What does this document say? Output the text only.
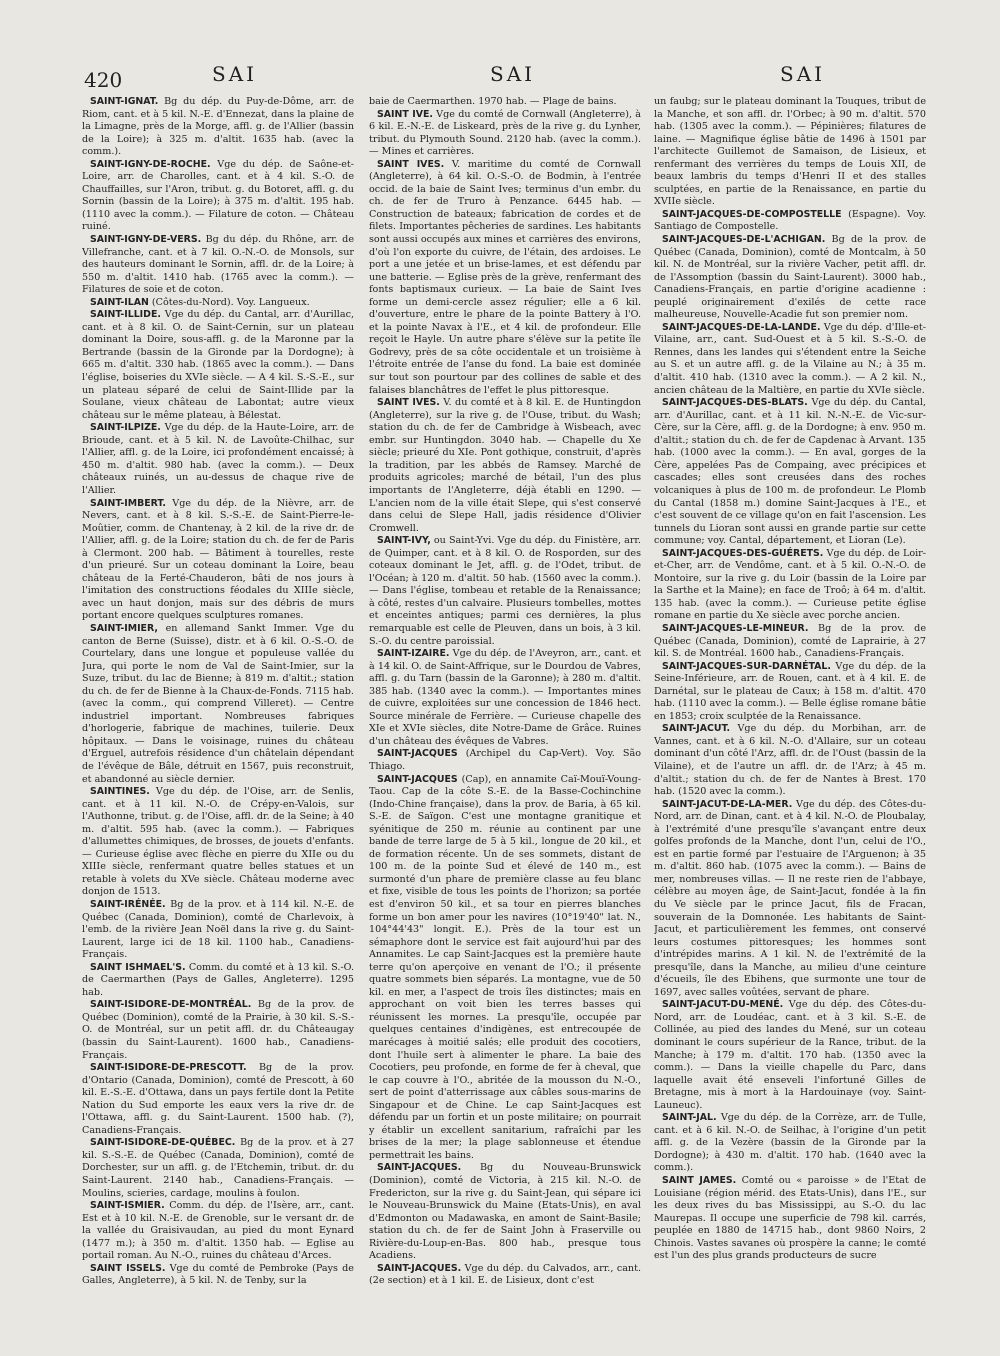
420	SAI	SAI	SAI

SAINT-IGNAT. Bg du dép. du Puy-de-Dôme, arr. de Riom, cant. et à 5 kil. N.-E. d'Ennezat, dans la plaine de la Limagne, près de la Morge, affl. g. de l'Allier (bassin de la Loire); à 325 m. d'altit. 1635 hab. (avec la comm.).

SAINT-IGNY-DE-ROCHE. Vge du dép. de Saône-et-Loire, arr. de Charolles, cant. et à 4 kil. S.-O. de Chauffailles, sur l'Aron, tribut. g. du Botoret, affl. g. du Sornin (bassin de la Loire); à 375 m. d'altit. 195 hab. (1110 avec la comm.). — Filature de coton. — Château ruiné.

SAINT-IGNY-DE-VERS. Bg du dép. du Rhône, arr. de Villefranche, cant. et à 7 kil. O.-N.-O. de Monsols, sur des hauteurs dominant le Sornin, affl. dr. de la Loire; à 550 m. d'altit. 1410 hab. (1765 avec la comm.). — Filatures de soie et de coton.

SAINT-ILAN (Côtes-du-Nord). Voy. Langueux.

SAINT-ILLIDE. Vge du dép. du Cantal, arr. d'Aurillac, cant. et à 8 kil. O. de Saint-Cernin, sur un plateau dominant la Doire, sous-affl. g. de la Maronne par la Bertrande (bassin de la Gironde par la Dordogne); à 665 m. d'altit. 330 hab. (1865 avec la comm.). — Dans l'église, boiseries du XVIe siècle. — A 4 kil. S.-S.-E., sur un plateau séparé de celui de Saint-Illide par la Soulane, vieux château de Labontat; autre vieux château sur le même plateau, à Bélestat.

SAINT-ILPIZE. Vge du dép. de la Haute-Loire, arr. de Brioude, cant. et à 5 kil. N. de Lavoûte-Chilhac, sur l'Allier, affl. g. de la Loire, ici profondément encaissé; à 450 m. d'altit. 980 hab. (avec la comm.). — Deux châteaux ruinés, un au-dessus de chaque rive de l'Allier.

SAINT-IMBERT. Vge du dép. de la Nièvre, arr. de Nevers, cant. et à 8 kil. S.-S.-E. de Saint-Pierre-le-Moûtier, comm. de Chantenay, à 2 kil. de la rive dr. de l'Allier, affl. g. de la Loire; station du ch. de fer de Paris à Clermont. 200 hab. — Bâtiment à tourelles, reste d'un prieuré. Sur un coteau dominant la Loire, beau château de la Ferté-Chauderon, bâti de nos jours à l'imitation des constructions féodales du XIIIe siècle, avec un haut donjon, mais sur des débris de murs portant encore quelques sculptures romanes.

SAINT-IMIER, en allemand Sankt Immer. Vge du canton de Berne (Suisse), distr. et à 6 kil. O.-S.-O. de Courtelary, dans une longue et populeuse vallée du Jura, qui porte le nom de Val de Saint-Imier, sur la Suze, tribut. du lac de Bienne; à 819 m. d'altit.; station du ch. de fer de Bienne à la Chaux-de-Fonds. 7115 hab. (avec la comm., qui comprend Villeret). — Centre industriel important. Nombreuses fabriques d'horlogerie, fabrique de machines, tuilerie. Deux hôpitaux. — Dans le voisinage, ruines du château d'Erguel, autrefois résidence d'un châtelain dépendant de l'évêque de Bâle, détruit en 1567, puis reconstruit, et abandonné au siècle dernier.

SAINTINES. Vge du dép. de l'Oise, arr. de Senlis, cant. et à 11 kil. N.-O. de Crépy-en-Valois, sur l'Authonne, tribut. g. de l'Oise, affl. dr. de la Seine; à 40 m. d'altit. 595 hab. (avec la comm.). — Fabriques d'allumettes chimiques, de brosses, de jouets d'enfants. — Curieuse église avec flèche en pierre du XIIe ou du XIIIe siècle, renfermant quatre belles statues et un retable à volets du XVe siècle. Château moderne avec donjon de 1513.

SAINT-IRÉNÉE. Bg de la prov. et à 114 kil. N.-E. de Québec (Canada, Dominion), comté de Charlevoix, à l'emb. de la rivière Jean Noël dans la rive g. du Saint-Laurent, large ici de 18 kil. 1100 hab., Canadiens-Français.

SAINT ISHMAEL'S. Comm. du comté et à 13 kil. S.-O. de Caermarthen (Pays de Galles, Angleterre). 1295 hab.

SAINT-ISIDORE-DE-MONTRÉAL. Bg de la prov. de Québec (Dominion), comté de la Prairie, à 30 kil. S.-S.-O. de Montréal, sur un petit affl. dr. du Châteaugay (bassin du Saint-Laurent). 1600 hab., Canadiens-Français.

SAINT-ISIDORE-DE-PRESCOTT. Bg de la prov. d'Ontario (Canada, Dominion), comté de Prescott, à 60 kil. E.-S.-E. d'Ottawa, dans un pays fertile dont la Petite Nation du Sud emporte les eaux vers la rive dr. de l'Ottawa, affl. g. du Saint-Laurent. 1500 hab. (?), Canadiens-Français.

SAINT-ISIDORE-DE-QUÉBEC. Bg de la prov. et à 27 kil. S.-S.-E. de Québec (Canada, Dominion), comté de Dorchester, sur un affl. g. de l'Etchemin, tribut. dr. du Saint-Laurent. 2140 hab., Canadiens-Français. — Moulins, scieries, cardage, moulins à foulon.

SAINT-ISMIER. Comm. du dép. de l'Isère, arr., cant. Est et à 10 kil. N.-E. de Grenoble, sur le versant dr. de la vallée du Graisivaudan, au pied du mont Eynard (1477 m.); à 350 m. d'altit. 1350 hab. — Eglise au portail roman. Au N.-O., ruines du château d'Arces.

SAINT ISSELS. Vge du comté de Pembroke (Pays de Galles, Angleterre), à 5 kil. N. de Tenby, sur la

baie de Caermarthen. 1970 hab. — Plage de bains.

SAINT IVE. Vge du comté de Cornwall (Angleterre), à 6 kil. E.-N.-E. de Liskeard, près de la rive g. du Lynher, tribut. du Plymouth Sound. 2120 hab. (avec la comm.). — Mines et carrières.

SAINT IVES. V. maritime du comté de Cornwall (Angleterre), à 64 kil. O.-S.-O. de Bodmin, à l'entrée occid. de la baie de Saint Ives; terminus d'un embr. du ch. de fer de Truro à Penzance. 6445 hab. — Construction de bateaux; fabrication de cordes et de filets. Importantes pêcheries de sardines. Les habitants sont aussi occupés aux mines et carrières des environs, d'où l'on exporte du cuivre, de l'étain, des ardoises. Le port a une jetée et un brise-lames, et est défendu par une batterie. — Eglise près de la grève, renfermant des fonts baptismaux curieux. — La baie de Saint Ives forme un demi-cercle assez régulier; elle a 6 kil. d'ouverture, entre le phare de la pointe Battery à l'O. et la pointe Navax à l'E., et 4 kil. de profondeur. Elle reçoit le Hayle. Un autre phare s'élève sur la petite île Godrevy, près de sa côte occidentale et un troisième à l'étroite entrée de l'anse du fond. La baie est dominée sur tout son pourtour par des collines de sable et des falaises blanchâtres de l'effet le plus pittoresque.

SAINT IVES. V. du comté et à 8 kil. E. de Huntingdon (Angleterre), sur la rive g. de l'Ouse, tribut. du Wash; station du ch. de fer de Cambridge à Wisbeach, avec embr. sur Huntingdon. 3040 hab. — Chapelle du Xe siècle; prieuré du XIe. Pont gothique, construit, d'après la tradition, par les abbés de Ramsey. Marché de produits agricoles; marché de bétail, l'un des plus importants de l'Angleterre, déjà établi en 1290. — L'ancien nom de la ville était Slepe, qui s'est conservé dans celui de Slepe Hall, jadis résidence d'Olivier Cromwell.

SAINT-IVY, ou Saint-Yvi. Vge du dép. du Finistère, arr. de Quimper, cant. et à 8 kil. O. de Rosporden, sur des coteaux dominant le Jet, affl. g. de l'Odet, tribut. de l'Océan; à 120 m. d'altit. 50 hab. (1560 avec la comm.). — Dans l'église, tombeau et retable de la Renaissance; à côté, restes d'un calvaire. Plusieurs tombelles, mottes et enceintes antiques; parmi ces dernières, la plus remarquable est celle de Pleuven, dans un bois, à 3 kil. S.-O. du centre paroissial.

SAINT-IZAIRE. Vge du dép. de l'Aveyron, arr., cant. et à 14 kil. O. de Saint-Affrique, sur le Dourdou de Vabres, affl. g. du Tarn (bassin de la Garonne); à 280 m. d'altit. 385 hab. (1340 avec la comm.). — Importantes mines de cuivre, exploitées sur une concession de 1846 hect. Source minérale de Ferrière. — Curieuse chapelle des XIe et XVIe siècles, dite Notre-Dame de Grâce. Ruines d'un château des évêques de Vabres.

SAINT-JACQUES (Archipel du Cap-Vert). Voy. São Thiago.

SAINT-JACQUES (Cap), en annamite Caï-Mouï-Voung-Taou. Cap de la côte S.-E. de la Basse-Cochinchine (Indo-Chine française), dans la prov. de Baria, à 65 kil. S.-E. de Saïgon. C'est une montagne granitique et syénitique de 250 m. réunie au continent par une bande de terre large de 5 à 5 kil., longue de 20 kil., et de formation récente. Un de ses sommets, distant de 100 m. de la pointe Sud et élevé de 140 m., est surmonté d'un phare de première classe au feu blanc et fixe, visible de tous les points de l'horizon; sa portée est d'environ 50 kil., et sa tour en pierres blanches forme un bon amer pour les navires (10°19'40" lat. N., 104°44'43" longit. E.). Près de la tour est un sémaphore dont le service est fait aujourd'hui par des Annamites. Le cap Saint-Jacques est la première haute terre qu'on aperçoive en venant de l'O.; il présente quatre sommets bien séparés. La montagne, vue de 50 kil. en mer, a l'aspect de trois îles distinctes; mais en approchant on voit bien les terres basses qui réunissent les mornes. La presqu'île, occupée par quelques centaines d'indigènes, est entrecoupée de marécages à moitié salés; elle produit des cocotiers, dont l'huile sert à alimenter le phare. La baie des Cocotiers, peu profonde, en forme de fer à cheval, que le cap couvre à l'O., abritée de la mousson du N.-O., sert de point d'atterrissage aux câbles sous-marins de Singapour et de Chine. Le cap Saint-Jacques est défendu par un fortin et un poste militaire; on pourrait y établir un excellent sanitarium, rafraîchi par les brises de la mer; la plage sablonneuse et étendue permettrait les bains.

SAINT-JACQUES. Bg du Nouveau-Brunswick (Dominion), comté de Victoria, à 215 kil. N.-O. de Fredericton, sur la rive g. du Saint-Jean, qui sépare ici le Nouveau-Brunswick du Maine (Etats-Unis), en aval d'Edmonton ou Madawaska, en amont de Saint-Basile; station du ch. de fer de Saint John à Fraserville ou Rivière-du-Loup-en-Bas. 800 hab., presque tous Acadiens.

SAINT-JACQUES. Vge du dép. du Calvados, arr., cant. (2e section) et à 1 kil. E. de Lisieux, dont c'est

un faubg; sur le plateau dominant la Touques, tribut de la Manche, et son affl. dr. l'Orbec; à 90 m. d'altit. 570 hab. (1305 avec la comm.). — Pépinières; filatures de laine. — Magnifique église bâtie de 1496 à 1501 par l'architecte Guillemot de Samaison, de Lisieux, et renfermant des verrières du temps de Louis XII, de beaux lambris du temps d'Henri II et des stalles sculptées, en partie de la Renaissance, en partie du XVIIe siècle.

SAINT-JACQUES-DE-COMPOSTELLE (Espagne). Voy. Santiago de Compostelle.

SAINT-JACQUES-DE-L'ACHIGAN. Bg de la prov. de Québec (Canada, Dominion), comté de Montcalm, à 50 kil. N. de Montréal, sur la rivière Vacher, petit affl. dr. de l'Assomption (bassin du Saint-Laurent). 3000 hab., Canadiens-Français, en partie d'origine acadienne : peuplé originairement d'exilés de cette race malheureuse, Nouvelle-Acadie fut son premier nom.

SAINT-JACQUES-DE-LA-LANDE. Vge du dép. d'Ille-et-Vilaine, arr., cant. Sud-Ouest et à 5 kil. S.-S.-O. de Rennes, dans les landes qui s'étendent entre la Seiche au S. et un autre affl. g. de la Vilaine au N.; à 35 m. d'altit. 410 hab. (1310 avec la comm.). — A 2 kil. N., ancien château de la Maltière, en partie du XVIe siècle.

SAINT-JACQUES-DES-BLATS. Vge du dép. du Cantal, arr. d'Aurillac, cant. et à 11 kil. N.-N.-E. de Vic-sur-Cère, sur la Cère, affl. g. de la Dordogne; à env. 950 m. d'altit.; station du ch. de fer de Capdenac à Arvant. 135 hab. (1000 avec la comm.). — En aval, gorges de la Cère, appelées Pas de Compaing, avec précipices et cascades; elles sont creusées dans des roches volcaniques à plus de 100 m. de profondeur. Le Plomb du Cantal (1858 m.) domine Saint-Jacques à l'E., et c'est souvent de ce village qu'on en fait l'ascension. Les tunnels du Lioran sont aussi en grande partie sur cette commune; voy. Cantal, département, et Lioran (Le).

SAINT-JACQUES-DES-GUÉRETS. Vge du dép. de Loir-et-Cher, arr. de Vendôme, cant. et à 5 kil. O.-N.-O. de Montoire, sur la rive g. du Loir (bassin de la Loire par la Sarthe et la Maine); en face de Troô; à 64 m. d'altit. 135 hab. (avec la comm.). — Curieuse petite église romane en partie du Xe siècle avec porche ancien.

SAINT-JACQUES-LE-MINEUR. Bg de la prov. de Québec (Canada, Dominion), comté de Laprairie, à 27 kil. S. de Montréal. 1600 hab., Canadiens-Français.

SAINT-JACQUES-SUR-DARNÉTAL. Vge du dép. de la Seine-Inférieure, arr. de Rouen, cant. et à 4 kil. E. de Darnétal, sur le plateau de Caux; à 158 m. d'altit. 470 hab. (1110 avec la comm.). — Belle église romane bâtie en 1853; croix sculptée de la Renaissance.

SAINT-JACUT. Vge du dép. du Morbihan, arr. de Vannes, cant. et à 6 kil. N.-O. d'Allaire, sur un coteau dominant d'un côté l'Arz, affl. dr. de l'Oust (bassin de la Vilaine), et de l'autre un affl. dr. de l'Arz; à 45 m. d'altit.; station du ch. de fer de Nantes à Brest. 170 hab. (1520 avec la comm.).

SAINT-JACUT-DE-LA-MER. Vge du dép. des Côtes-du-Nord, arr. de Dinan, cant. et à 4 kil. N.-O. de Ploubalay, à l'extrémité d'une presqu'île s'avançant entre deux golfes profonds de la Manche, dont l'un, celui de l'O., est en partie formé par l'estuaire de l'Arguenon; à 35 m. d'altit. 860 hab. (1075 avec la comm.). — Bains de mer, nombreuses villas. — Il ne reste rien de l'abbaye, célèbre au moyen âge, de Saint-Jacut, fondée à la fin du Ve siècle par le prince Jacut, fils de Fracan, souverain de la Domnonée. Les habitants de Saint-Jacut, et particulièrement les femmes, ont conservé leurs costumes pittoresques; les hommes sont d'intrépides marins. A 1 kil. N. de l'extrémité de la presqu'île, dans la Manche, au milieu d'une ceinture d'écueils, île des Ebihens, que surmonte une tour de 1697, avec salles voûtées, servant de phare.

SAINT-JACUT-DU-MENÉ. Vge du dép. des Côtes-du-Nord, arr. de Loudéac, cant. et à 3 kil. S.-E. de Collinée, au pied des landes du Mené, sur un coteau dominant le cours supérieur de la Rance, tribut. de la Manche; à 179 m. d'altit. 170 hab. (1350 avec la comm.). — Dans la vieille chapelle du Parc, dans laquelle avait été enseveli l'infortuné Gilles de Bretagne, mis à mort à la Hardouinaye (voy. Saint-Launeuc).

SAINT-JAL. Vge du dép. de la Corrèze, arr. de Tulle, cant. et à 6 kil. N.-O. de Seilhac, à l'origine d'un petit affl. g. de la Vezère (bassin de la Gironde par la Dordogne); à 430 m. d'altit. 170 hab. (1640 avec la comm.).

SAINT JAMES. Comté ou « paroisse » de l'Etat de Louisiane (région mérid. des Etats-Unis), dans l'E., sur les deux rives du bas Mississippi, au S.-O. du lac Maurepas. Il occupe une superficie de 798 kil. carrés, peuplée en 1880 de 14715 hab., dont 9860 Noirs, 2 Chinois. Vastes savanes où prospère la canne; le comté est l'un des plus grands producteurs de sucre
